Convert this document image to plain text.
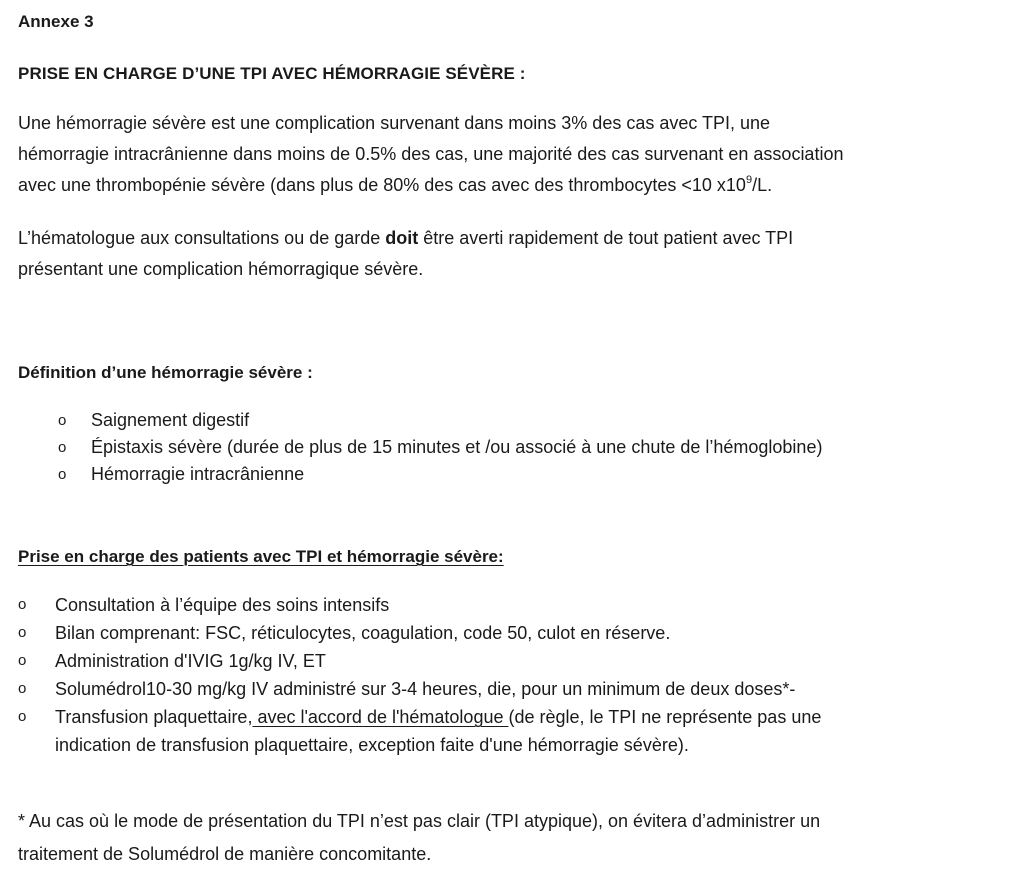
Annexe 3

PRISE EN CHARGE D’UNE TPI AVEC HÉMORRAGIE SÉVÈRE :

Une hémorragie sévère est une complication survenant dans moins 3% des cas avec TPI, une
hémorragie intracrânienne dans moins de 0.5% des cas, une majorité des cas survenant en association
avec une thrombopénie sévère (dans plus de 80% des cas avec des thrombocytes <10 $x10^9/L$.

L’hématologue aux consultations ou de garde doit être averti rapidement de tout patient avec TPI
présentant une complication hémorragique sévère.

Définition d’une hémorragie sévère :

o Saignement digestif
o Épistaxis sévère (durée de plus de 15 minutes et /ou associé à une chute de l’hémoglobine)
o Hémorragie intracrânienne

Prise en charge des patients avec TPI et hémorragie sévère:

o Consultation à l’équipe des soins intensifs
o Bilan comprenant: FSC, réticulocytes, coagulation, code 50, culot en réserve.
o Administration d'IVIG 1g/kg IV, ET
o Solumédrol10-30 mg/kg IV administré sur 3-4 heures, die, pour un minimum de deux doses*-
o Transfusion plaquettaire, avec l'accord de l'hématologue (de règle, le TPI ne représente pas une
indication de transfusion plaquettaire, exception faite d'une hémorragie sévère).

* Au cas où le mode de présentation du TPI n’est pas clair (TPI atypique), on évitera d’administrer un
traitement de Solumédrol de manière concomitante.
